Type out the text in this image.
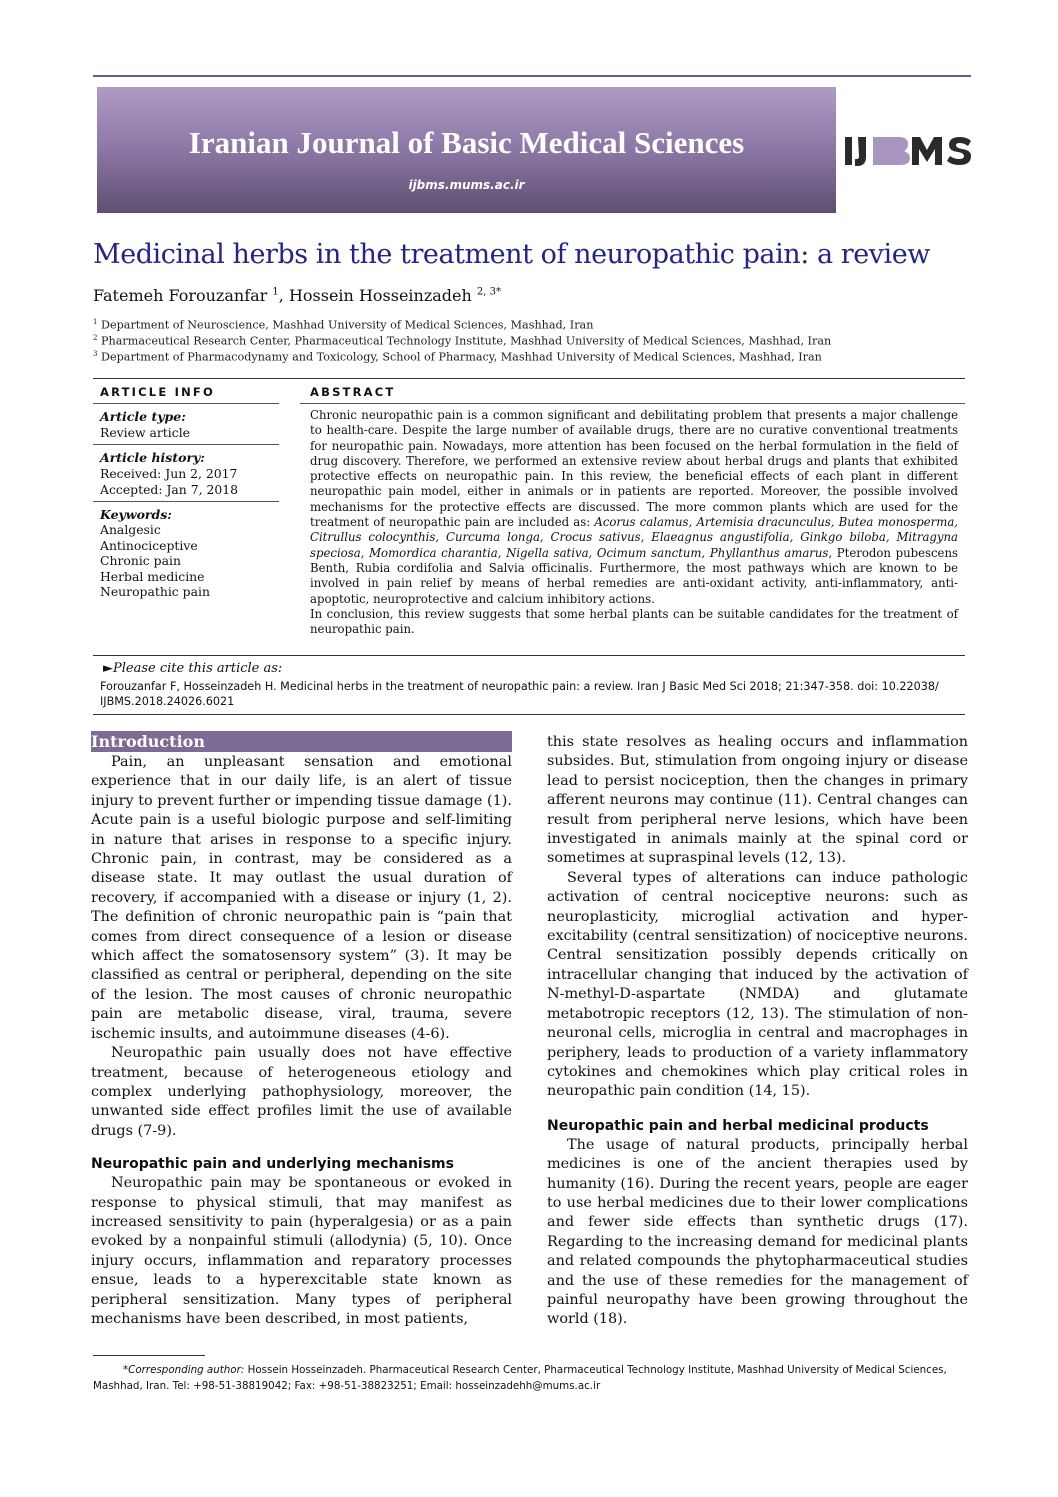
Iranian Journal of Basic Medical Sciences
ijbms.mums.ac.ir
Medicinal herbs in the treatment of neuropathic pain: a review
Fatemeh Forouzanfar $^1$, Hossein Hosseinzadeh $^{2, 3*}$
$^1$ Department of Neuroscience, Mashhad University of Medical Sciences, Mashhad, Iran
$^2$ Pharmaceutical Research Center, Pharmaceutical Technology Institute, Mashhad University of Medical Sciences, Mashhad, Iran
$^3$ Department of Pharmacodynamy and Toxicology, School of Pharmacy, Mashhad University of Medical Sciences, Mashhad, Iran
ARTICLE INFO	ABSTRACT
Article type:
Review article
Article history:
Received: Jun 2, 2017
Accepted: Jan 7, 2018
Keywords:
Analgesic
Antinociceptive
Chronic pain
Herbal medicine
Neuropathic pain

Chronic neuropathic pain is a common significant and debilitating problem that presents a major challenge to health-care. Despite the large number of available drugs, there are no curative conventional treatments for neuropathic pain. Nowadays, more attention has been focused on the herbal formulation in the field of drug discovery. Therefore, we performed an extensive review about herbal drugs and plants that exhibited protective effects on neuropathic pain. In this review, the beneficial effects of each plant in different neuropathic pain model, either in animals or in patients are reported. Moreover, the possible involved mechanisms for the protective effects are discussed. The more common plants which are used for the treatment of neuropathic pain are included as: Acorus calamus, Artemisia dracunculus, Butea monosperma, Citrullus colocynthis, Curcuma longa, Crocus sativus, Elaeagnus angustifolia, Ginkgo biloba, Mitragyna speciosa, Momordica charantia, Nigella sativa, Ocimum sanctum, Phyllanthus amarus, Pterodon pubescens Benth, Rubia cordifolia and Salvia officinalis. Furthermore, the most pathways which are known to be involved in pain relief by means of herbal remedies are anti-oxidant activity, anti-inflammatory, anti-apoptotic, neuroprotective and calcium inhibitory actions.

In conclusion, this review suggests that some herbal plants can be suitable candidates for the treatment of neuropathic pain.

►Please cite this article as:
Forouzanfar F, Hosseinzadeh H. Medicinal herbs in the treatment of neuropathic pain: a review. Iran J Basic Med Sci 2018; 21:347-358. doi: 10.22038/ IJBMS.2018.24026.6021
Introduction

Pain, an unpleasant sensation and emotional experience that in our daily life, is an alert of tissue injury to prevent further or impending tissue damage (1). Acute pain is a useful biologic purpose and self-limiting in nature that arises in response to a specific injury. Chronic pain, in contrast, may be considered as a disease state. It may outlast the usual duration of recovery, if accompanied with a disease or injury (1, 2). The definition of chronic neuropathic pain is “pain that comes from direct consequence of a lesion or disease which affect the somatosensory system” (3). It may be classified as central or peripheral, depending on the site of the lesion. The most causes of chronic neuropathic pain are metabolic disease, viral, trauma, severe ischemic insults, and autoimmune diseases (4-6).

Neuropathic pain usually does not have effective treatment, because of heterogeneous etiology and complex underlying pathophysiology, moreover, the unwanted side effect profiles limit the use of available drugs (7-9).

Neuropathic pain and underlying mechanisms

Neuropathic pain may be spontaneous or evoked in response to physical stimuli, that may manifest as increased sensitivity to pain (hyperalgesia) or as a pain evoked by a nonpainful stimuli (allodynia) (5, 10). Once injury occurs, inflammation and reparatory processes ensue, leads to a hyperexcitable state known as peripheral sensitization. Many types of peripheral mechanisms have been described, in most patients,

this state resolves as healing occurs and inflammation subsides. But, stimulation from ongoing injury or disease lead to persist nociception, then the changes in primary afferent neurons may continue (11). Central changes can result from peripheral nerve lesions, which have been investigated in animals mainly at the spinal cord or sometimes at supraspinal levels (12, 13).

Several types of alterations can induce pathologic activation of central nociceptive neurons: such as neuroplasticity, microglial activation and hyper-excitability (central sensitization) of nociceptive neurons. Central sensitization possibly depends critically on intracellular changing that induced by the activation of N-methyl-D-aspartate (NMDA) and glutamate metabotropic receptors (12, 13). The stimulation of non-neuronal cells, microglia in central and macrophages in periphery, leads to production of a variety inflammatory cytokines and chemokines which play critical roles in neuropathic pain condition (14, 15).

Neuropathic pain and herbal medicinal products

The usage of natural products, principally herbal medicines is one of the ancient therapies used by humanity (16). During the recent years, people are eager to use herbal medicines due to their lower complications and fewer side effects than synthetic drugs (17). Regarding to the increasing demand for medicinal plants and related compounds the phytopharmaceutical studies and the use of these remedies for the management of painful neuropathy have been growing throughout the world (18).

*Corresponding author: Hossein Hosseinzadeh. Pharmaceutical Research Center, Pharmaceutical Technology Institute, Mashhad University of Medical Sciences, Mashhad, Iran. Tel: +98-51-38819042; Fax: +98-51-38823251; Email: hosseinzadehh@mums.ac.ir
